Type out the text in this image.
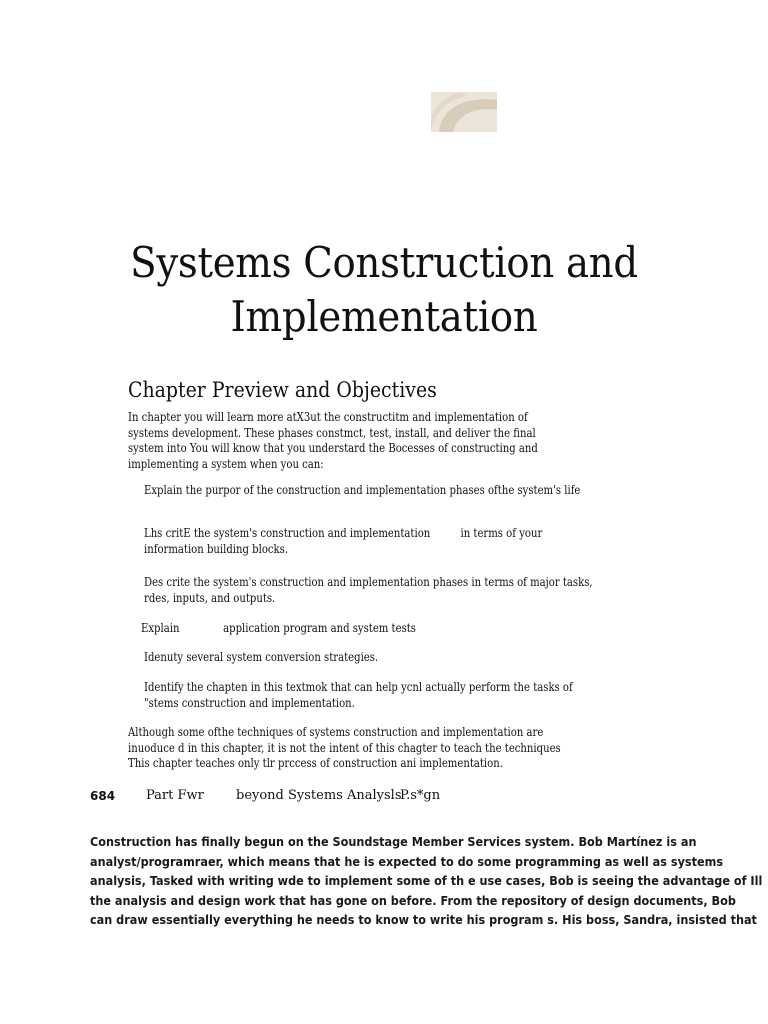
Systems Construction and
Implementation
Chapter Preview and Objectives

In chapter you will learn more atX3ut the constructitm and implementation of
systems development. These phases constmct, test, install, and deliver the final
system into You will know that you understard the Bocesses of constructing and
implementing a system when you can:

Explain the purpor of the construction and implementation phases ofthe system's life

Lhs critE the system's construction and implementation	in terms of your
information building blocks.

Des crite the system's construction and implementation phases in terms of major tasks,
rdes, inputs, and outputs.

Explain	application program and system tests

Idenuty several system conversion strategies.

Identify the chapten in this textmok that can help ycnl actually perform the tasks of
"stems construction and implementation.

Although some ofthe techniques of systems construction and implementation are
inuoduce d in this chapter, it is not the intent of this chagter to teach the techniques
This chapter teaches only tlr prccess of construction ani implementation.

684 Part Fwr beyond Systems Analysls
P.s*gn

Construction has finally begun on the Soundstage Member Services system. Bob Martínez is an
analyst/programraer, which means that he is expected to do some programming as well as systems
analysis, Tasked with writing wde to implement some of th e use cases, Bob is seeing the advantage of Ill
the analysis and design work that has gone on before. From the repository of design documents, Bob
can draw essentially everything he needs to know to write his program s. His boss, Sandra, insisted that
